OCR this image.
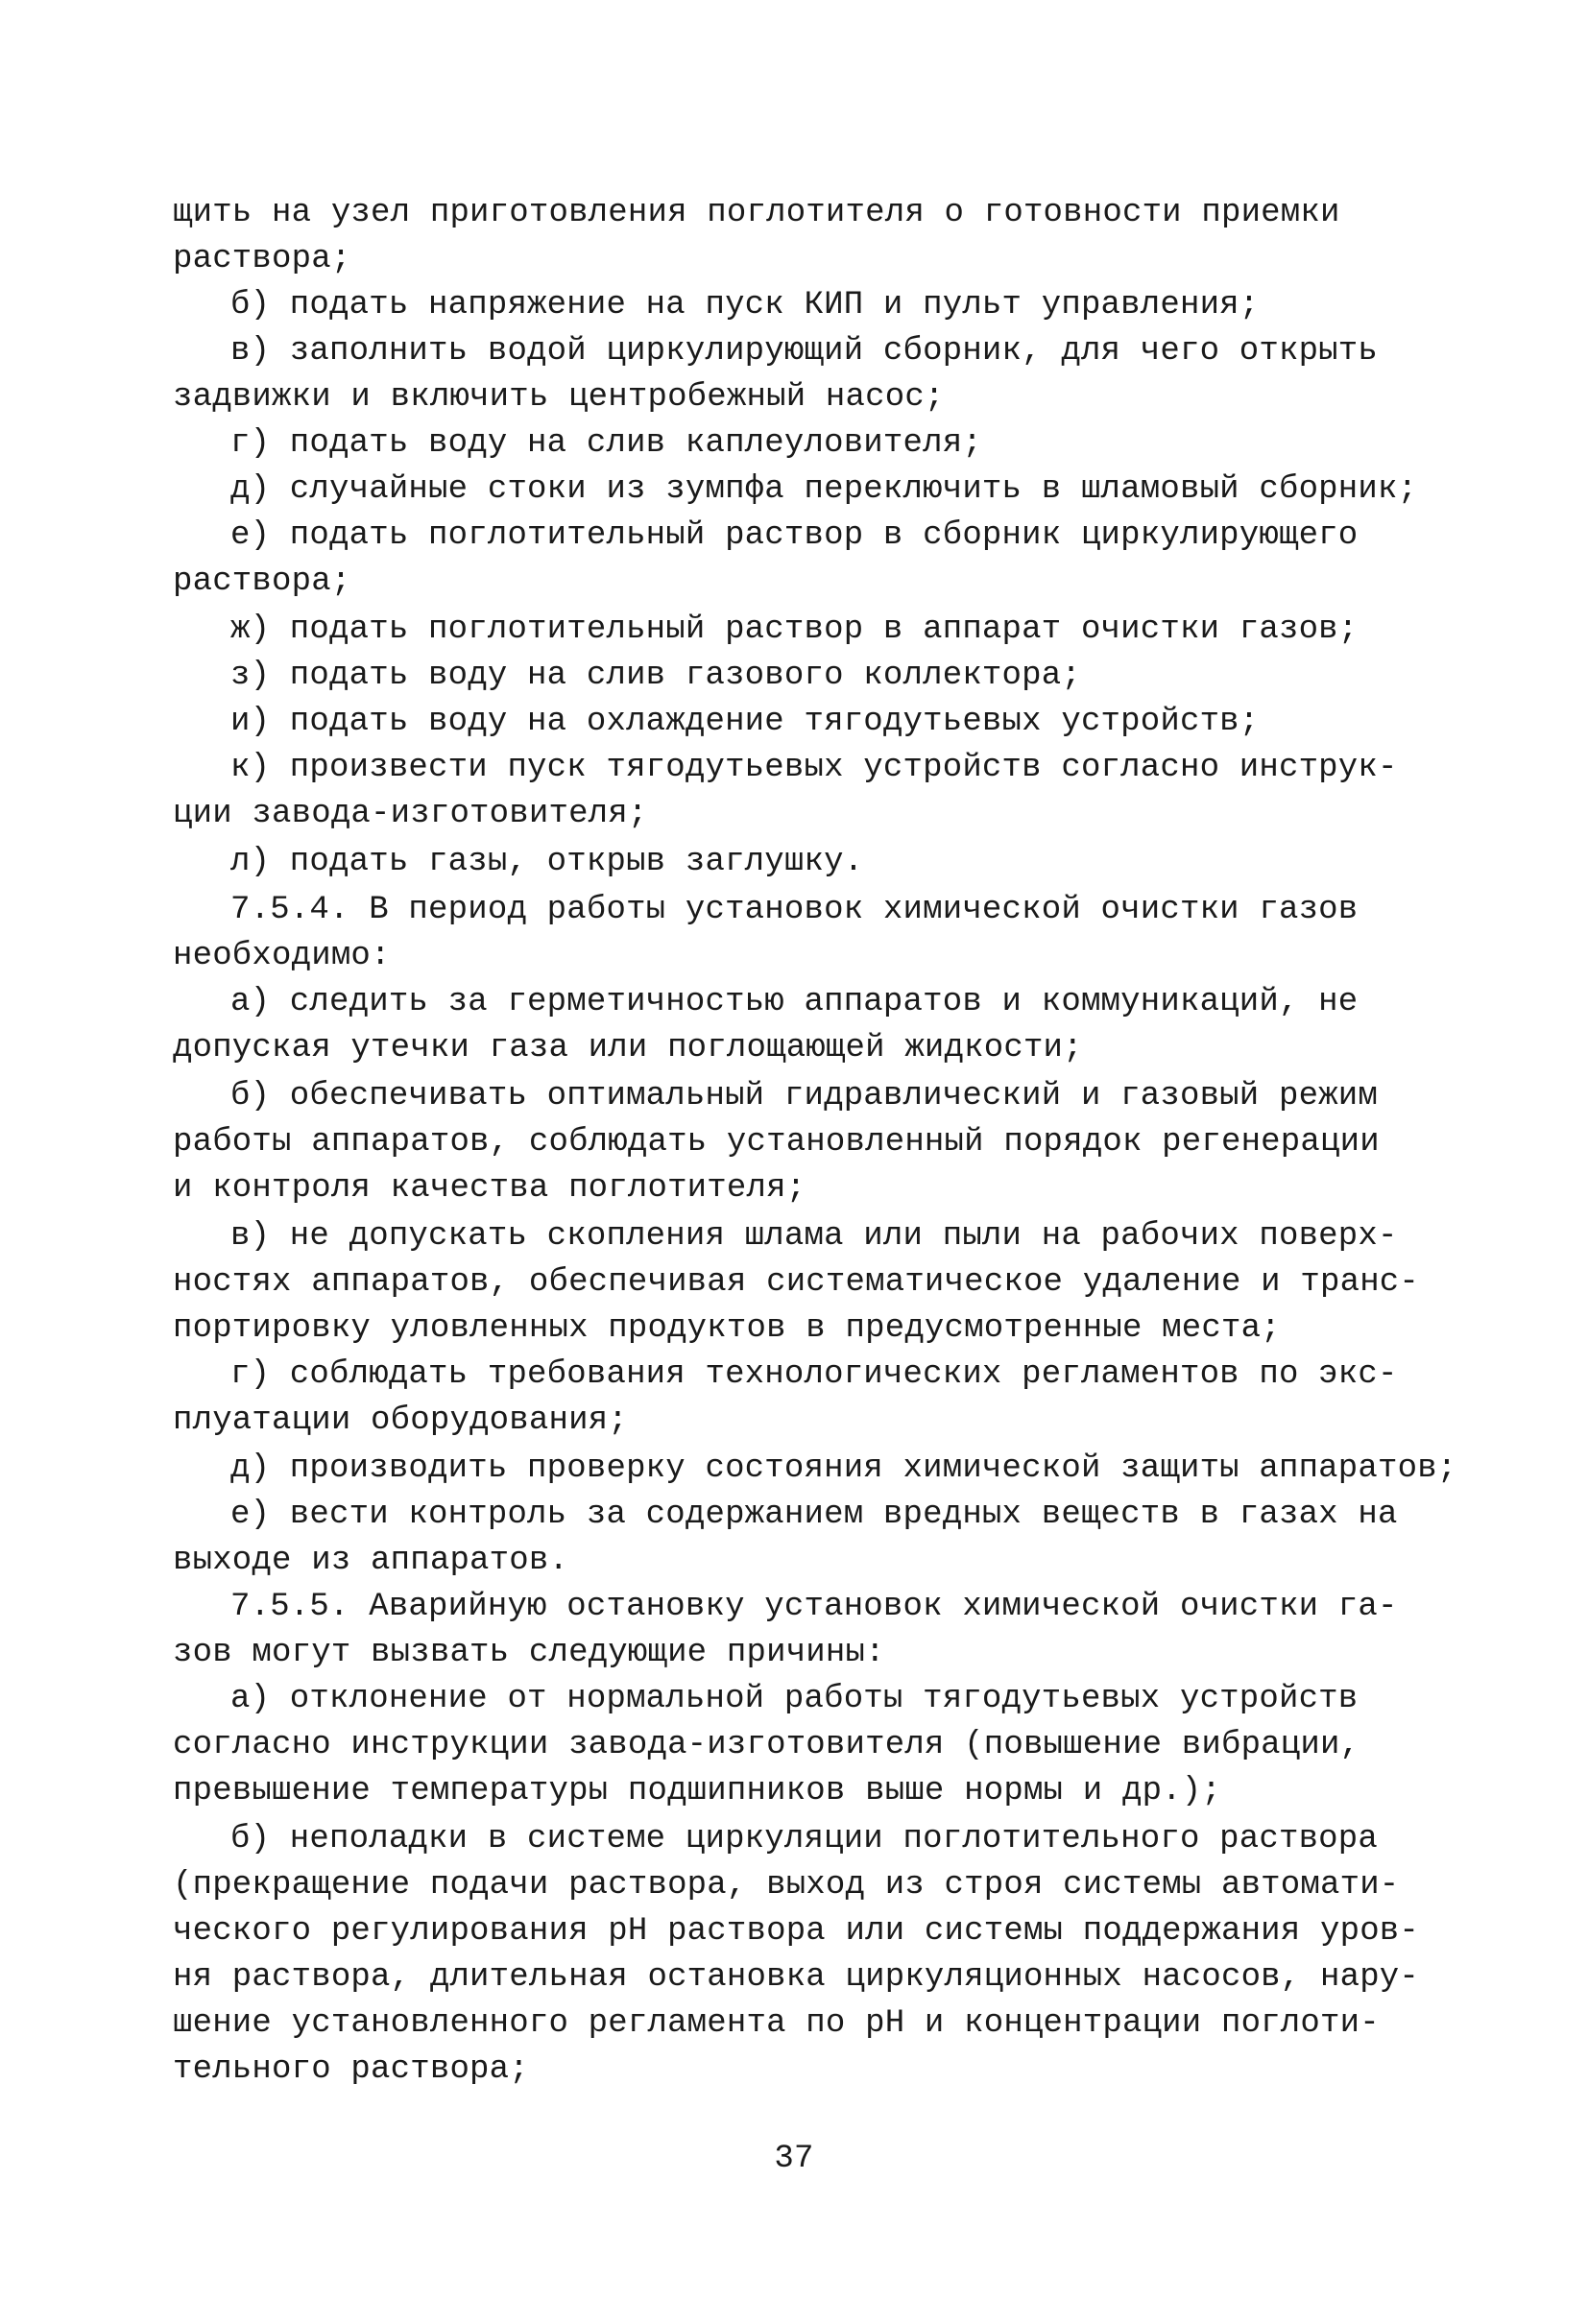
щить на узел приготовления поглотителя о готовности приемки
раствора;
б) подать напряжение на пуск КИП и пульт управления;
в) заполнить водой циркулирующий сборник, для чего открыть
задвижки и включить центробежный насос;
г) подать воду на слив каплеуловителя;
д) случайные стоки из зумпфа переключить в шламовый сборник;
е) подать поглотительный раствор в сборник циркулирующего
раствора;
ж) подать поглотительный раствор в аппарат очистки газов;
з) подать воду на слив газового коллектора;
и) подать воду на охлаждение тягодутьевых устройств;
к) произвести пуск тягодутьевых устройств согласно инструк-
ции завода-изготовителя;
л) подать газы, открыв заглушку.
7.5.4. В период работы установок химической очистки газов
необходимо:
а) следить за герметичностью аппаратов и коммуникаций, не
допуская утечки газа или поглощающей жидкости;
б) обеспечивать оптимальный гидравлический и газовый режим
работы аппаратов, соблюдать установленный порядок регенерации
и контроля качества поглотителя;
в) не допускать скопления шлама или пыли на рабочих поверх-
ностях аппаратов, обеспечивая систематическое удаление и транс-
портировку уловленных продуктов в предусмотренные места;
г) соблюдать требования технологических регламентов по экс-
плуатации оборудования;
д) производить проверку состояния химической защиты аппаратов;
е) вести контроль за содержанием вредных веществ в газах на
выходе из аппаратов.
7.5.5. Аварийную остановку установок химической очистки га-
зов могут вызвать следующие причины:
а) отклонение от нормальной работы тягодутьевых устройств
согласно инструкции завода-изготовителя (повышение вибрации,
превышение температуры подшипников выше нормы и др.);
б) неполадки в системе циркуляции поглотительного раствора
(прекращение подачи раствора, выход из строя системы автомати-
ческого регулирования pH раствора или системы поддержания уров-
ня раствора, длительная остановка циркуляционных насосов, нару-
шение установленного регламента по pH и концентрации поглоти-
тельного раствора;
37
